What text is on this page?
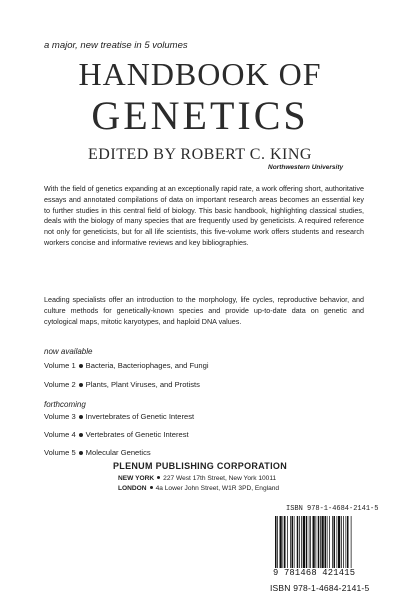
a major, new treatise in 5 volumes
HANDBOOK OF
GENETICS
EDITED BY ROBERT C. KING
Northwestern University

With the field of genetics expanding at an exceptionally rapid rate, a work offering short, authoritative essays and annotated compilations of data on important research areas becomes an essential key to further studies in this central field of biology. This basic handbook, highlighting classical studies, deals with the biology of many species that are frequently used by geneticists. A required reference not only for geneticists, but for all life scientists, this five-volume work offers students and research workers concise and informative reviews and key bibliographies.

Leading specialists offer an introduction to the morphology, life cycles, reproductive behavior, and culture methods for genetically-known species and provide up-to-date data on genetic and cytological maps, mitotic karyotypes, and haploid DNA values.

now available
Volume 1 Bacteria, Bacteriophages, and Fungi
Volume 2 Plants, Plant Viruses, and Protists
forthcoming
Volume 3 Invertebrates of Genetic Interest
Volume 4 Vertebrates of Genetic Interest
Volume 5 Molecular Genetics
PLENUM PUBLISHING CORPORATION
NEW YORK 227 West 17th Street, New York 10011
LONDON 4a Lower John Street, W1R 3PD, England
ISBN 978-1-4684-2141-5
9 781468 421415
ISBN 978-1-4684-2141-5
